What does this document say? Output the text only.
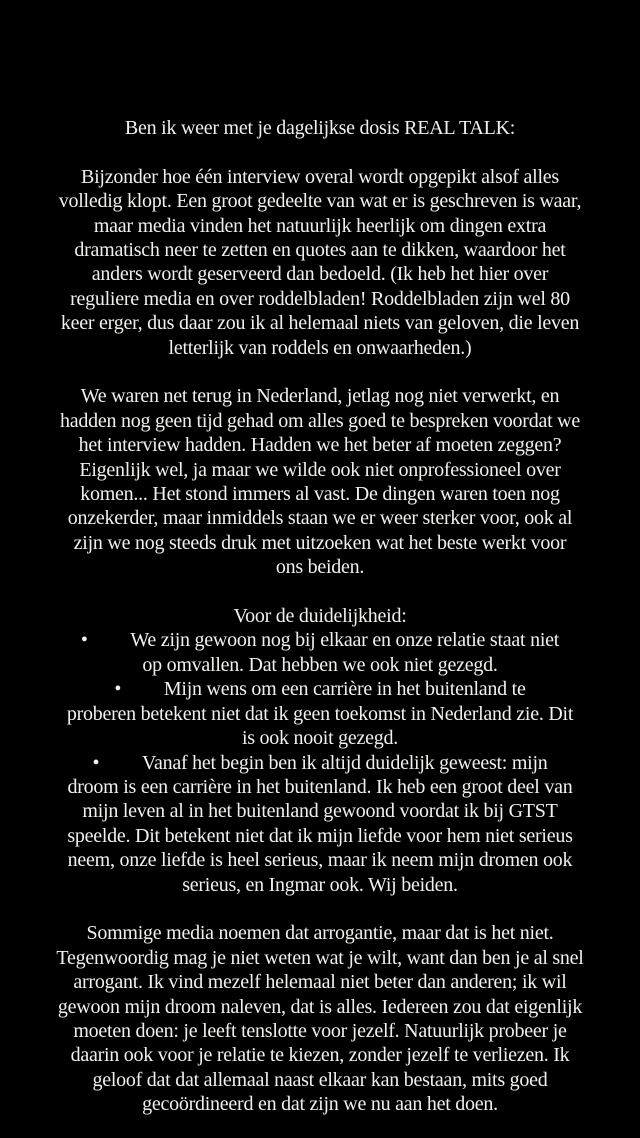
Ben ik weer met je dagelijkse dosis REAL TALK:
Bijzonder hoe één interview overal wordt opgepikt alsof alles
volledig klopt. Een groot gedeelte van wat er is geschreven is waar,
maar media vinden het natuurlijk heerlijk om dingen extra
dramatisch neer te zetten en quotes aan te dikken, waardoor het
anders wordt geserveerd dan bedoeld. (Ik heb het hier over
reguliere media en over roddelbladen! Roddelbladen zijn wel 80
keer erger, dus daar zou ik al helemaal niets van geloven, die leven
letterlijk van roddels en onwaarheden.)
We waren net terug in Nederland, jetlag nog niet verwerkt, en
hadden nog geen tijd gehad om alles goed te bespreken voordat we
het interview hadden. Hadden we het beter af moeten zeggen?
Eigenlijk wel, ja maar we wilde ook niet onprofessioneel over
komen... Het stond immers al vast. De dingen waren toen nog
onzekerder, maar inmiddels staan we er weer sterker voor, ook al
zijn we nog steeds druk met uitzoeken wat het beste werkt voor
ons beiden.
Voor de duidelijkheid:
•         We zijn gewoon nog bij elkaar en onze relatie staat niet
op omvallen. Dat hebben we ook niet gezegd.
•         Mijn wens om een carrière in het buitenland te
proberen betekent niet dat ik geen toekomst in Nederland zie. Dit
is ook nooit gezegd.
•         Vanaf het begin ben ik altijd duidelijk geweest: mijn
droom is een carrière in het buitenland. Ik heb een groot deel van
mijn leven al in het buitenland gewoond voordat ik bij GTST
speelde. Dit betekent niet dat ik mijn liefde voor hem niet serieus
neem, onze liefde is heel serieus, maar ik neem mijn dromen ook
serieus, en Ingmar ook. Wij beiden.
Sommige media noemen dat arrogantie, maar dat is het niet.
Tegenwoordig mag je niet weten wat je wilt, want dan ben je al snel
arrogant. Ik vind mezelf helemaal niet beter dan anderen; ik wil
gewoon mijn droom naleven, dat is alles. Iedereen zou dat eigenlijk
moeten doen: je leeft tenslotte voor jezelf. Natuurlijk probeer je
daarin ook voor je relatie te kiezen, zonder jezelf te verliezen. Ik
geloof dat dat allemaal naast elkaar kan bestaan, mits goed
gecoördineerd en dat zijn we nu aan het doen.
